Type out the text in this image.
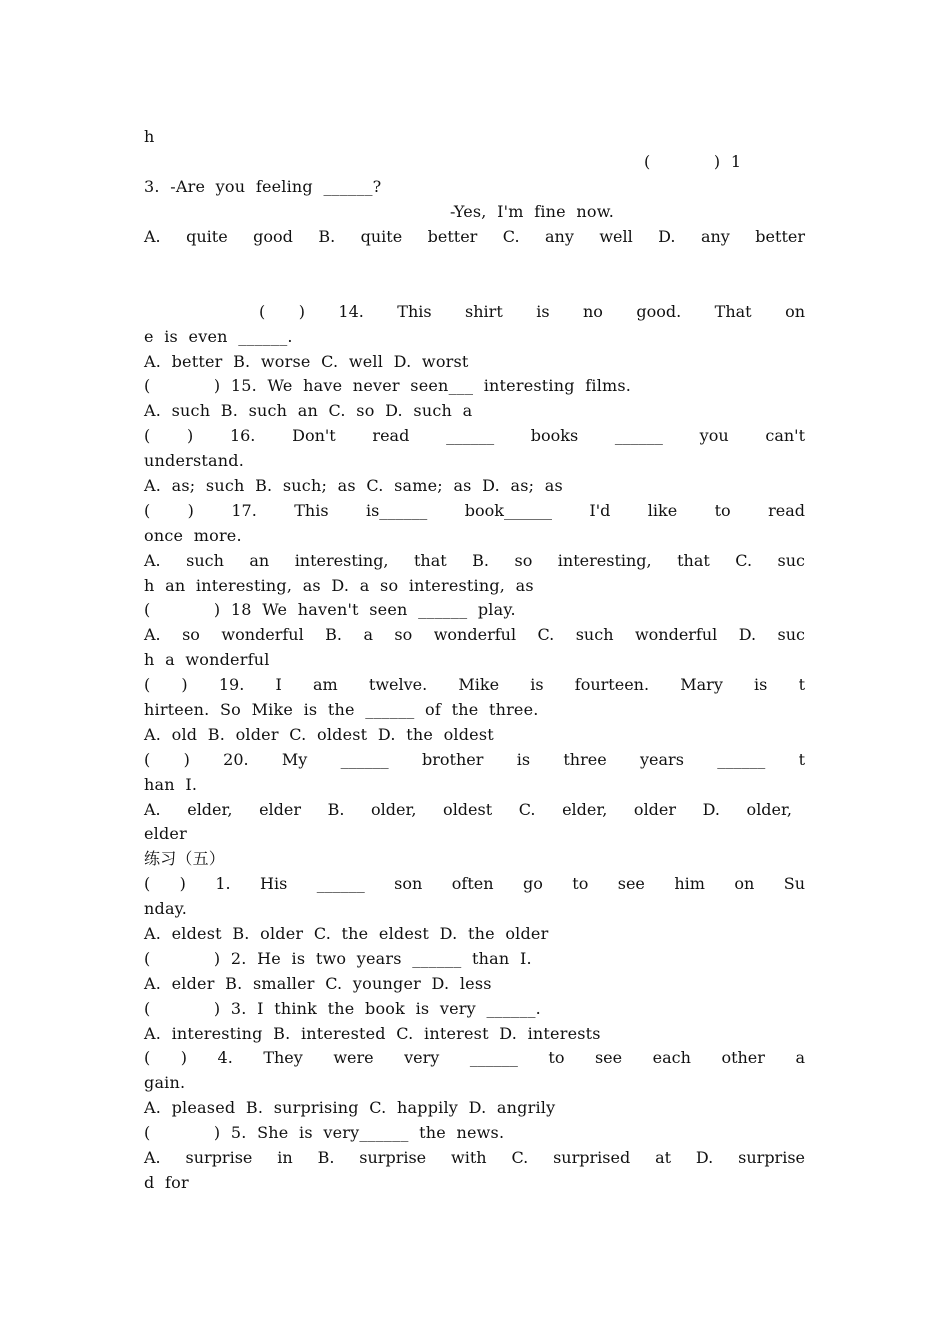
h
(            )  1
3.  -Are  you  feeling  ______?
-Yes,  I'm  fine  now.
A. quite good B. quite better C. any well D. any better
( ) 14. This shirt is no good. That on
e  is  even  ______.
A.  better  B.  worse  C.  well  D.  worst
(            )  15.  We  have  never  seen___  interesting  films.
A.  such  B.  such  an  C.  so  D.  such  a
( ) 16. Don't read ______ books ______ you can't
understand.
A.  as;  such  B.  such;  as  C.  same;  as  D.  as;  as
( ) 17. This is______ book______ I'd like to read
once  more.
A. such an interesting, that B. so interesting, that C. suc
h  an  interesting,  as  D.  a  so  interesting,  as
(            )  18  We  haven't  seen  ______  play.
A. so wonderful B. a so wonderful C. such wonderful D. suc
h  a  wonderful
( ) 19. I am twelve. Mike is fourteen. Mary is t
hirteen.  So  Mike  is  the  ______  of  the  three.
A.  old  B.  older  C.  oldest  D.  the  oldest
( ) 20. My ______ brother is three years ______ t
han  I.
A. elder, elder B. older, oldest C. elder, older D. older,
elder
练习（五）
( ) 1. His ______ son often go to see him on Su
nday.
A.  eldest  B.  older  C.  the  eldest  D.  the  older
(            )  2.  He  is  two  years  ______  than  I.
A.  elder  B.  smaller  C.  younger  D.  less
(            )  3.  I  think  the  book  is  very  ______.
A.  interesting  B.  interested  C.  interest  D.  interests
( ) 4. They were very ______ to see each other a
gain.
A.  pleased  B.  surprising  C.  happily  D.  angrily
(            )  5.  She  is  very______  the  news.
A. surprise in B. surprise with C. surprised at D. surprise
d  for
